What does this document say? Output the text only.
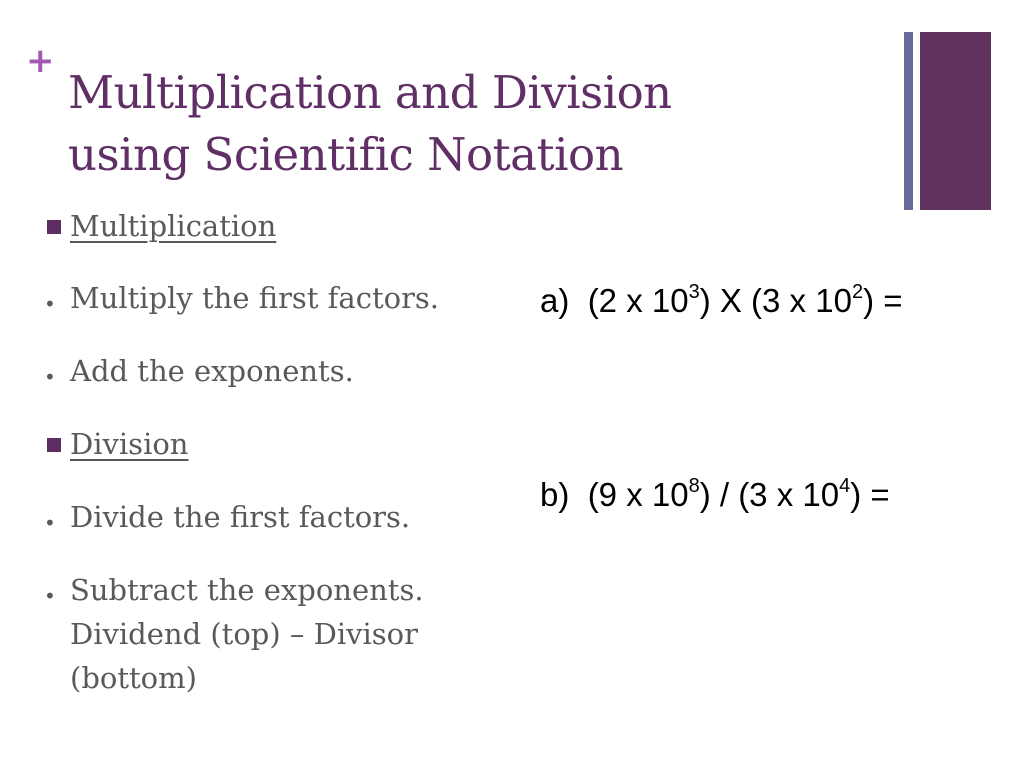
+
Multiplication and Division
using Scientific Notation
Multiplication
• Multiply the first factors.
• Add the exponents.
Division
• Divide the first factors.
• Subtract the exponents.
Dividend (top) – Divisor
(bottom)
a) (2 x $10^3$) X (3 x $10^2$) =
b) (9 x $10^8) / (3$ x $10^4$) =
